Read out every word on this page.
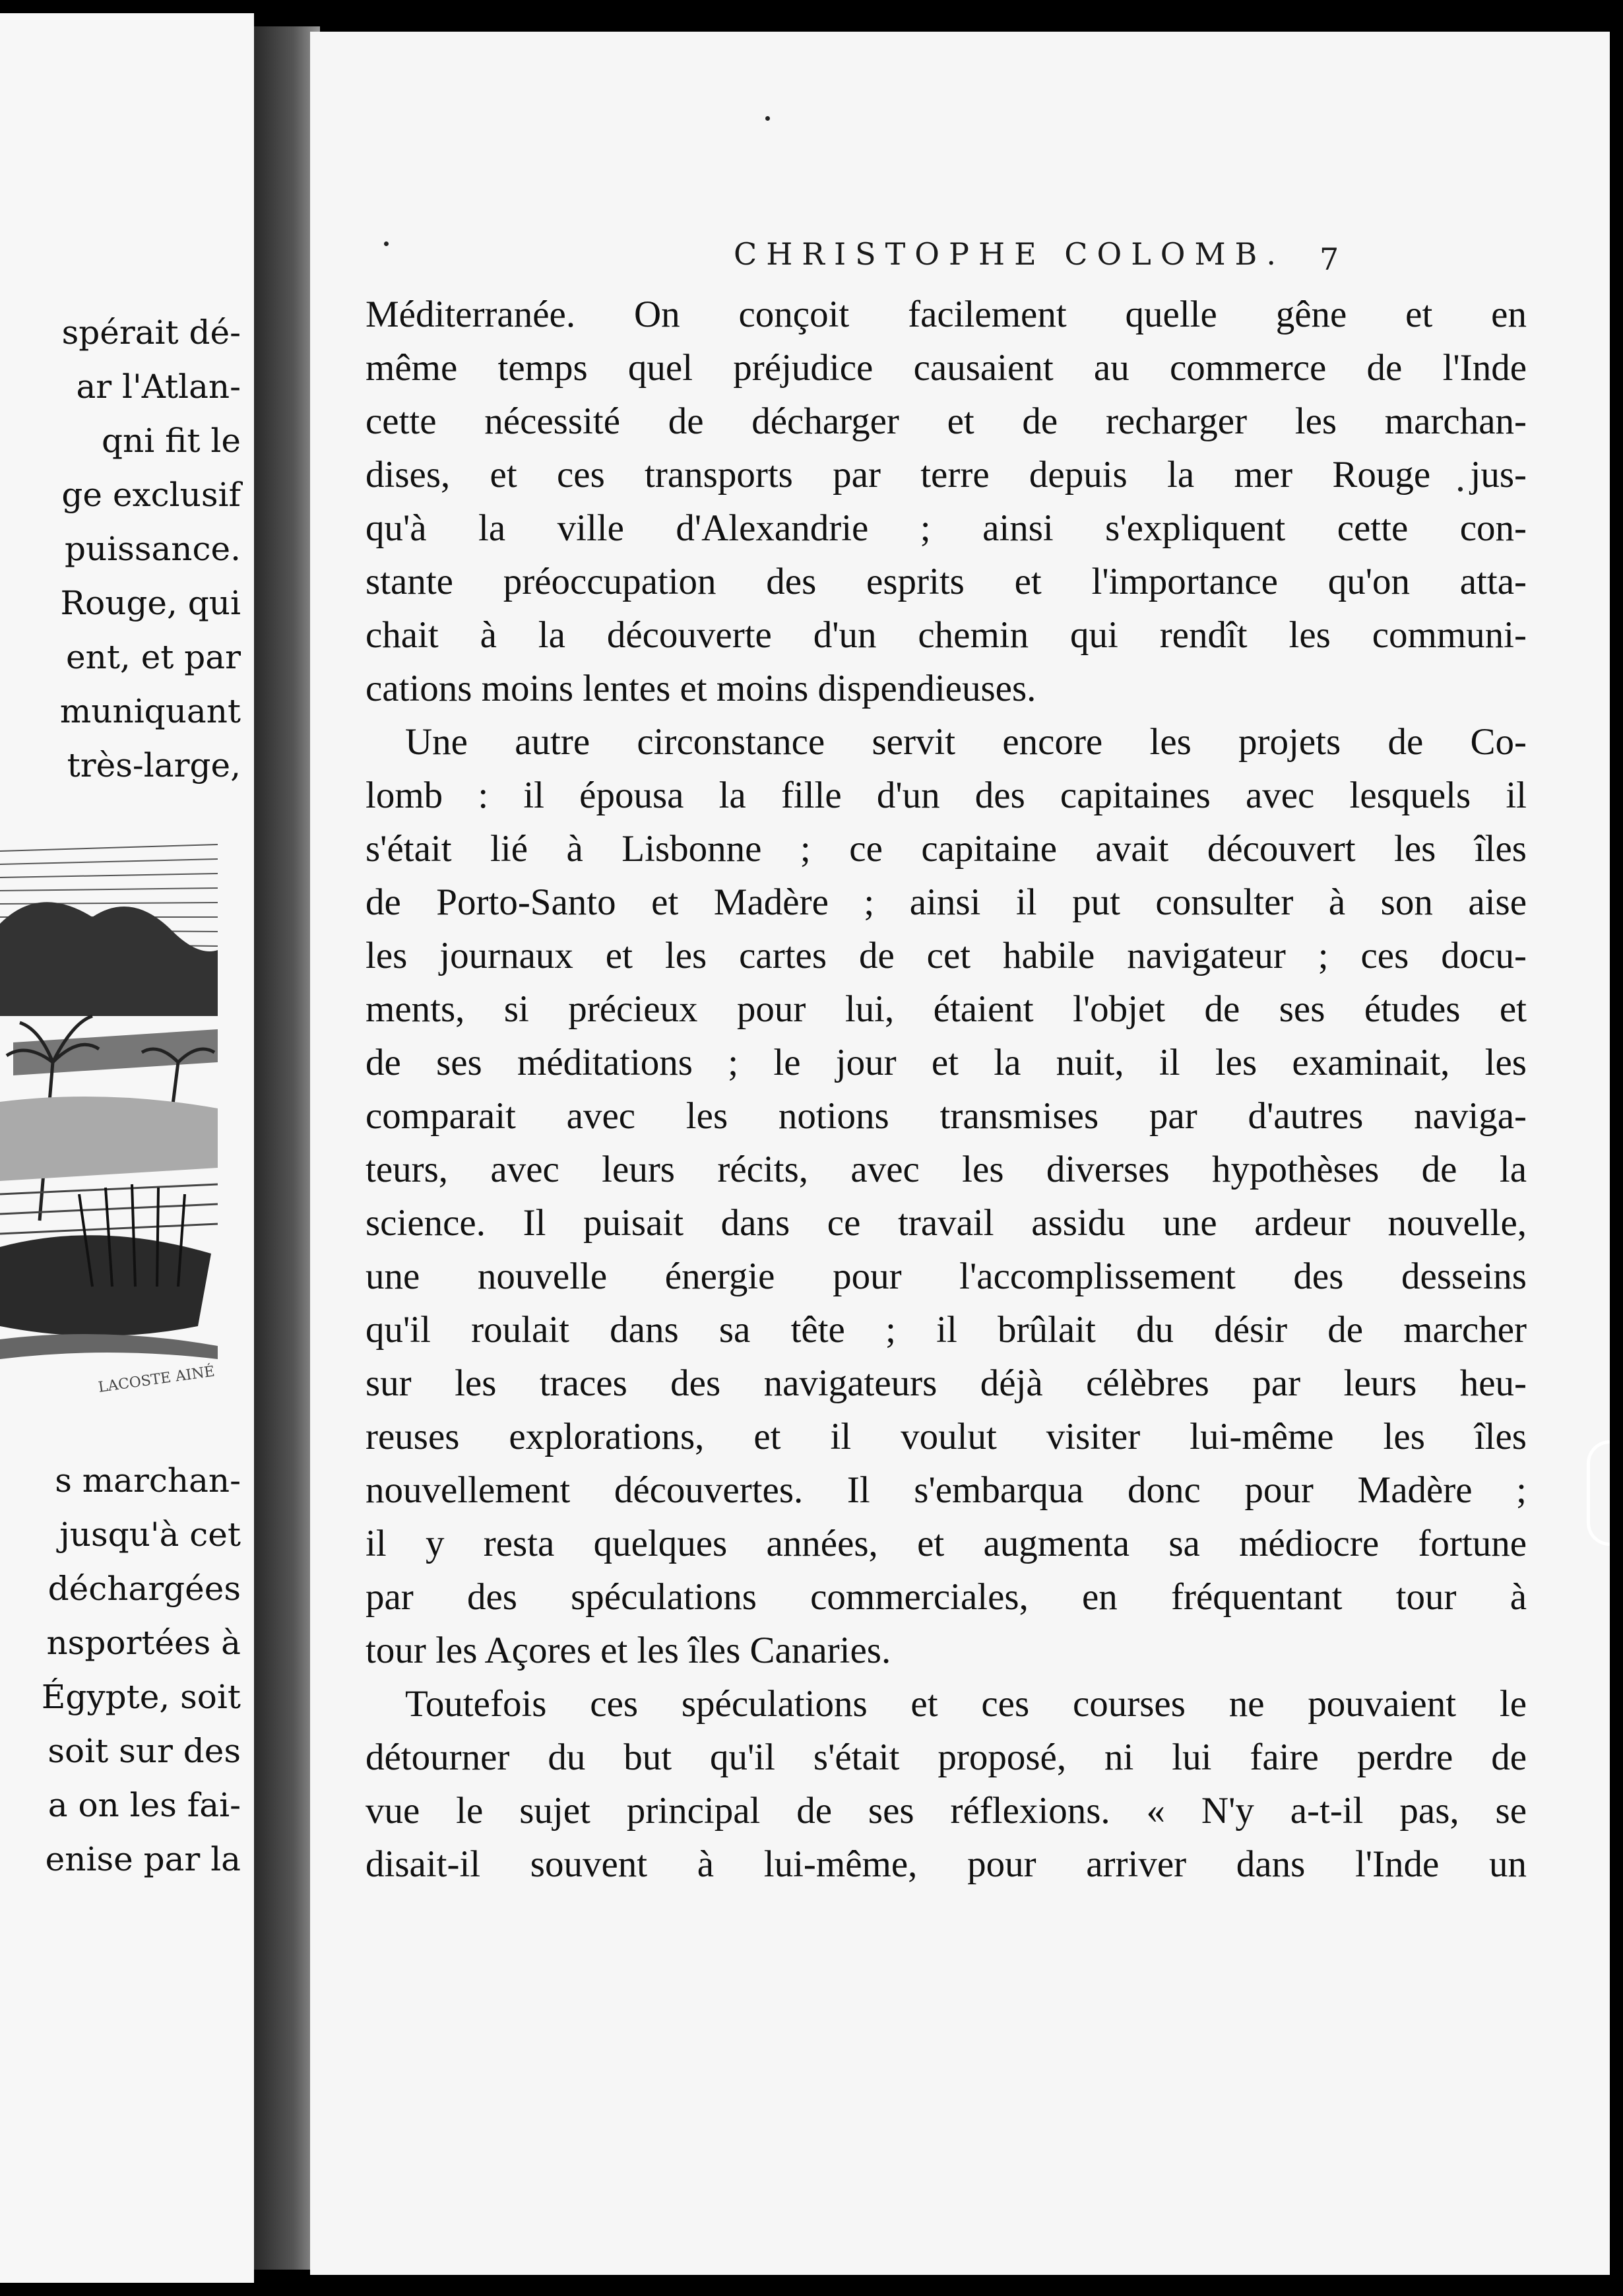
spérait dé-
ar l'Atlan-
qni fit le
ge exclusif
puissance.
Rouge, qui
ent, et par
muniquant
très-large,
LACOSTE AINÉ
s marchan-
jusqu'à cet
déchargées
nsportées à
Égypte, soit
soit sur des
a on les fai-
enise par la
CHRISTOPHE COLOMB.	7
Méditerranée. On conçoit facilement quelle gêne et en
même temps quel préjudice causaient au commerce de l'Inde
cette nécessité de décharger et de recharger les marchan-
dises, et ces transports par terre depuis la mer Rouge jus-
qu'à la ville d'Alexandrie ; ainsi s'expliquent cette con-
stante préoccupation des esprits et l'importance qu'on atta-
chait à la découverte d'un chemin qui rendît les communi-
cations moins lentes et moins dispendieuses.
Une autre circonstance servit encore les projets de Co-
lomb : il épousa la fille d'un des capitaines avec lesquels il
s'était lié à Lisbonne ; ce capitaine avait découvert les îles
de Porto-Santo et Madère ; ainsi il put consulter à son aise
les journaux et les cartes de cet habile navigateur ; ces docu-
ments, si précieux pour lui, étaient l'objet de ses études et
de ses méditations ; le jour et la nuit, il les examinait, les
comparait avec les notions transmises par d'autres naviga-
teurs, avec leurs récits, avec les diverses hypothèses de la
science. Il puisait dans ce travail assidu une ardeur nouvelle,
une nouvelle énergie pour l'accomplissement des desseins
qu'il roulait dans sa tête ; il brûlait du désir de marcher
sur les traces des navigateurs déjà célèbres par leurs heu-
reuses explorations, et il voulut visiter lui-même les îles
nouvellement découvertes. Il s'embarqua donc pour Madère ;
il y resta quelques années, et augmenta sa médiocre fortune
par des spéculations commerciales, en fréquentant tour à
tour les Açores et les îles Canaries.
Toutefois ces spéculations et ces courses ne pouvaient le
détourner du but qu'il s'était proposé, ni lui faire perdre de
vue le sujet principal de ses réflexions. « N'y a-t-il pas, se
disait-il souvent à lui-même, pour arriver dans l'Inde un
